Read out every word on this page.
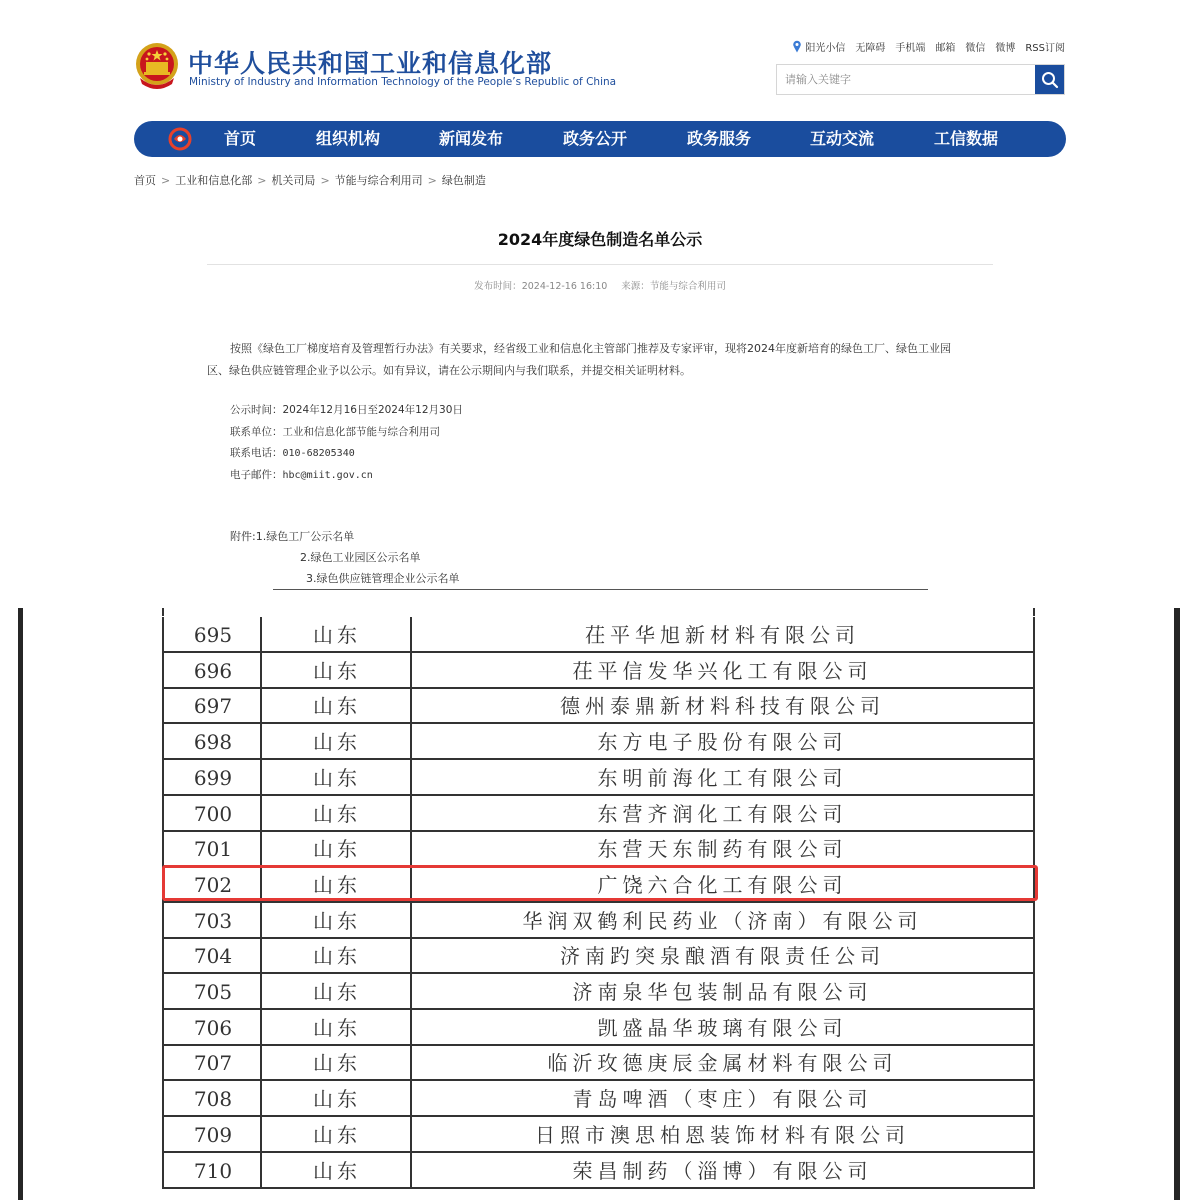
中华人民共和国工业和信息化部
Ministry of Industry and Information Technology of the People’s Republic of China
阳光小信 无障碍 手机端 邮箱 微信 微博 RSS订阅
请输入关键字
首页	组织机构	新闻发布	政务公开	政务服务	互动交流	工信数据
首页 > 工业和信息化部 > 机关司局 > 节能与综合利用司 > 绿色制造
2024年度绿色制造名单公示
发布时间：2024-12-16 16:10 来源：节能与综合利用司
按照《绿色工厂梯度培育及管理暂行办法》有关要求，经省级工业和信息化主管部门推荐及专家评审，现将2024年度新培育的绿色工厂、绿色工业园
区、绿色供应链管理企业予以公示。如有异议，请在公示期间内与我们联系，并提交相关证明材料。
公示时间：2024年12月16日至2024年12月30日
联系单位：工业和信息化部节能与综合利用司
联系电话：010-68205340
电子邮件：hbc@miit.gov.cn
附件:1.绿色工厂公示名单
2.绿色工业园区公示名单
3.绿色供应链管理企业公示名单
695	山东	茌平华旭新材料有限公司
696	山东	茌平信发华兴化工有限公司
697	山东	德州泰鼎新材料科技有限公司
698	山东	东方电子股份有限公司
699	山东	东明前海化工有限公司
700	山东	东营齐润化工有限公司
701	山东	东营天东制药有限公司
702	山东	广饶六合化工有限公司
703	山东	华润双鹤利民药业（济南）有限公司
704	山东	济南趵突泉酿酒有限责任公司
705	山东	济南泉华包装制品有限公司
706	山东	凯盛晶华玻璃有限公司
707	山东	临沂玫德庚辰金属材料有限公司
708	山东	青岛啤酒（枣庄）有限公司
709	山东	日照市澳思柏恩装饰材料有限公司
710	山东	荣昌制药（淄博）有限公司
